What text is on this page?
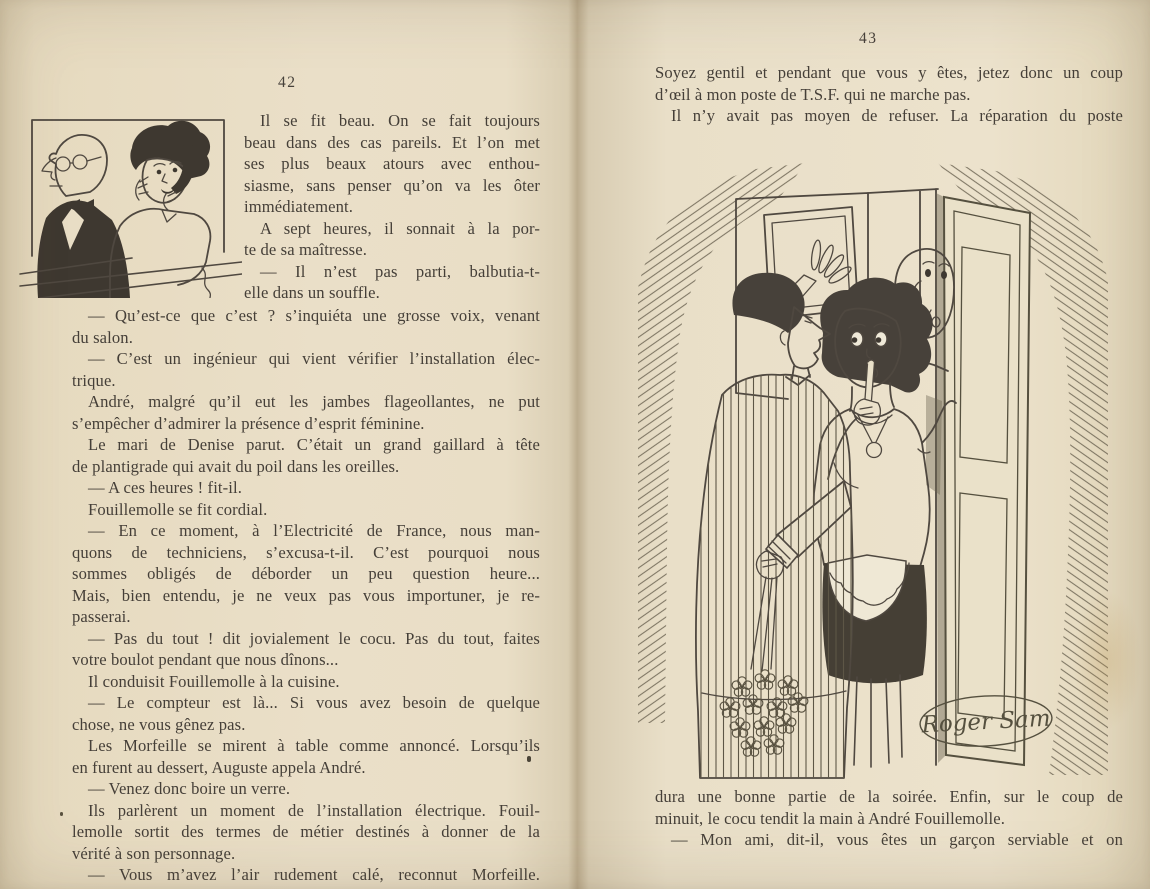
42
Il se fit beau. On se fait toujours
beau dans des cas pareils. Et l’on met
ses plus beaux atours avec enthou-
siasme, sans penser qu’on va les ôter
immédiatement.
A sept heures, il sonnait à la por-
te de sa maîtresse.
— Il n’est pas parti, balbutia-t-
elle dans un souffle.
— Qu’est-ce que c’est ? s’inquiéta une grosse voix, venant
du salon.
— C’est un ingénieur qui vient vérifier l’installation élec-
trique.
André, malgré qu’il eut les jambes flageollantes, ne put
s’empêcher d’admirer la présence d’esprit féminine.
Le mari de Denise parut. C’était un grand gaillard à tête
de plantigrade qui avait du poil dans les oreilles.
— A ces heures ! fit-il.
Fouillemolle se fit cordial.
— En ce moment, à l’Electricité de France, nous man-
quons de techniciens, s’excusa-t-il. C’est pourquoi nous
sommes obligés de déborder un peu question heure...
Mais, bien entendu, je ne veux pas vous importuner, je re-
passerai.
— Pas du tout ! dit jovialement le cocu. Pas du tout, faites
votre boulot pendant que nous dînons...
Il conduisit Fouillemolle à la cuisine.
— Le compteur est là... Si vous avez besoin de quelque
chose, ne vous gênez pas.
Les Morfeille se mirent à table comme annoncé. Lorsqu’ils
en furent au dessert, Auguste appela André.
— Venez donc boire un verre.
Ils parlèrent un moment de l’installation électrique. Fouil-
lemolle sortit des termes de métier destinés à donner de la
vérité à son personnage.
— Vous m’avez l’air rudement calé, reconnut Morfeille.
43
Soyez gentil et pendant que vous y êtes, jetez donc un coup
d’œil à mon poste de T.S.F. qui ne marche pas.
Il n’y avait pas moyen de refuser. La réparation du poste
Roger Sam
dura une bonne partie de la soirée. Enfin, sur le coup de
minuit, le cocu tendit la main à André Fouillemolle.
— Mon ami, dit-il, vous êtes un garçon serviable et on
